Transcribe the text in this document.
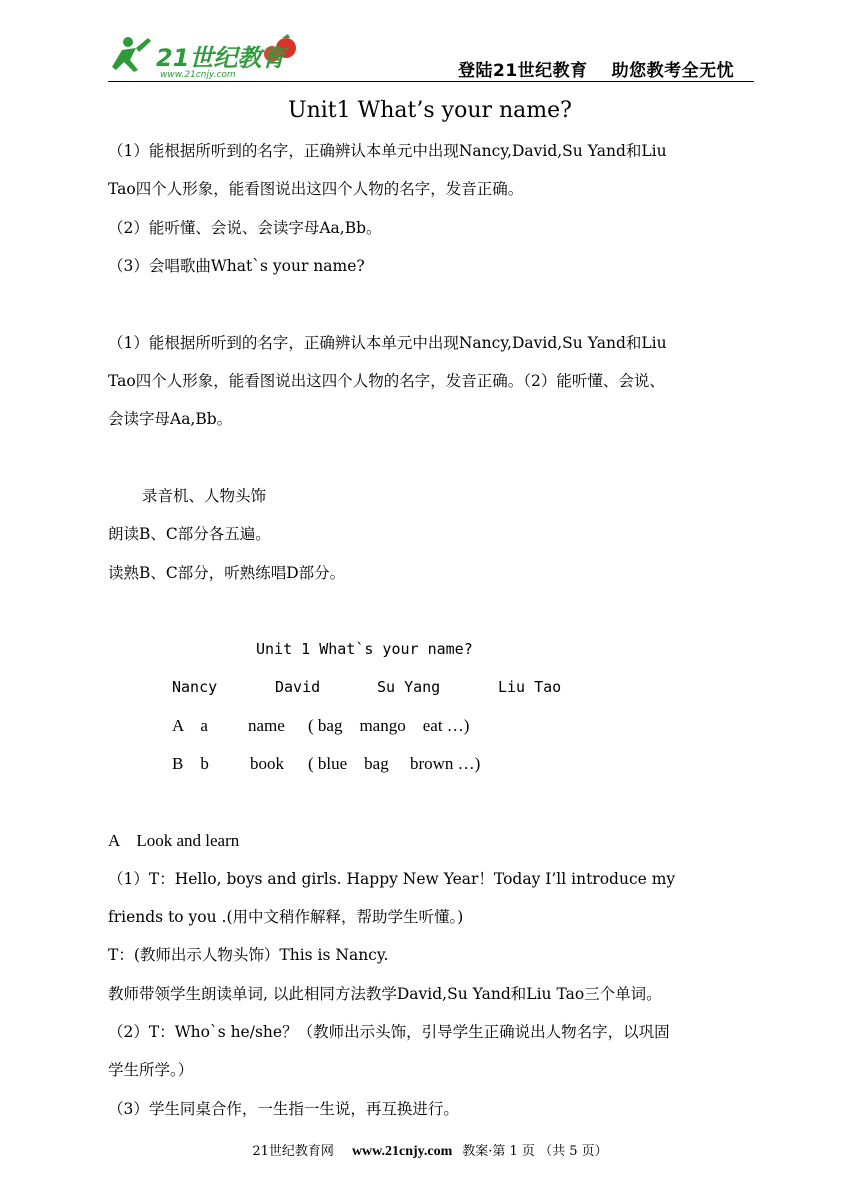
21世纪教育
www.21cnjy.com	登陆21世纪教育 助您教考全无忧
Unit1 What’s your name?
（1）能根据所听到的名字，正确辨认本单元中出现Nancy,David,Su Yand和Liu
Tao四个人形象，能看图说出这四个人物的名字，发音正确。
（2）能听懂、会说、会读字母Aa,Bb。
（3）会唱歌曲What`s your name?
（1）能根据所听到的名字，正确辨认本单元中出现Nancy,David,Su Yand和Liu
Tao四个人形象，能看图说出这四个人物的名字，发音正确。（2）能听懂、会说、
会读字母Aa,Bb。
录音机、人物头饰
朗读B、C部分各五遍。
读熟B、C部分，听熟练唱D部分。
Unit 1 What`s your name?
Nancy	David	Su Yang	Liu Tao
A    a name ( bag    mango    eat …)
B    b book ( blue    bag     brown …)
A    Look and learn
（1）T：Hello, boys and girls. Happy New Year！Today I’ll introduce my
friends to you .(用中文稍作解释，帮助学生听懂。)
T：(教师出示人物头饰）This is Nancy.
教师带领学生朗读单词, 以此相同方法教学David,Su Yand和Liu Tao三个单词。
（2）T：Who`s he/she？（教师出示头饰，引导学生正确说出人物名字，以巩固
学生所学。）
（3）学生同桌合作，一生指一生说，再互换进行。
21世纪教育网 www.21cnjy.com 教案·第 1 页 （共 5 页）
